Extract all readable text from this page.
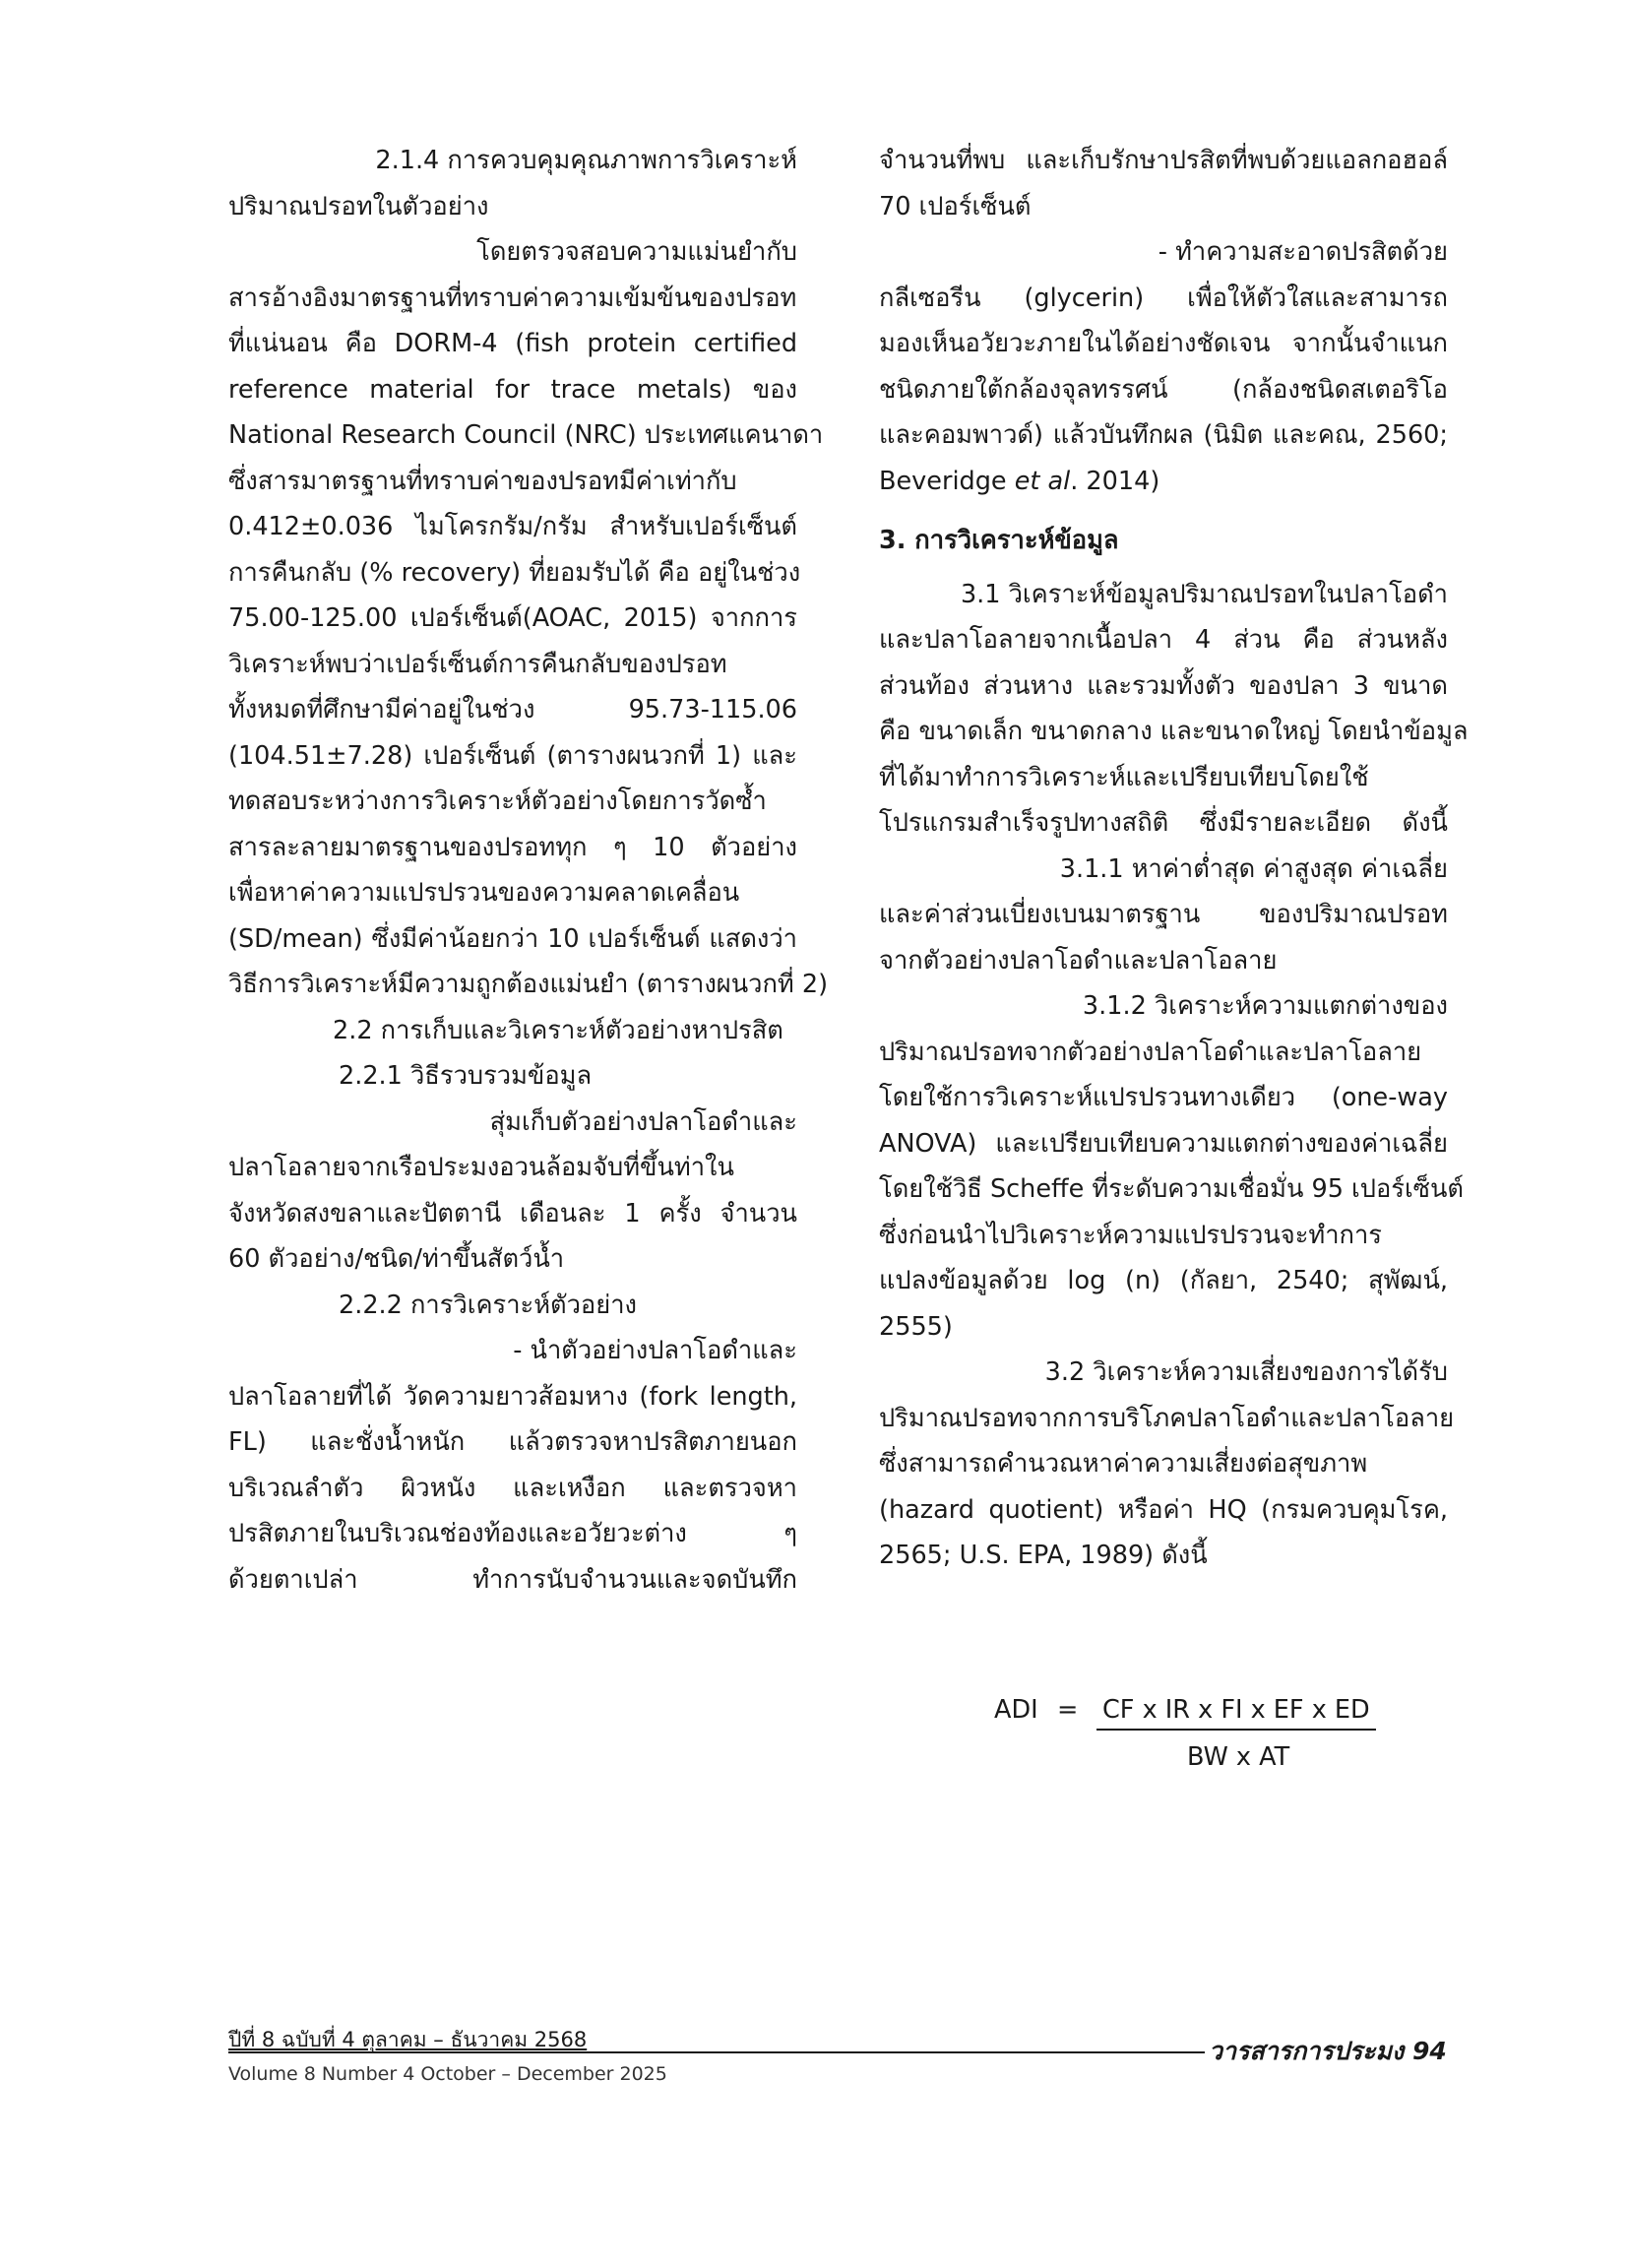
2.1.4 การควบคุมคุณภาพการวิเคราะห์
ปริมาณปรอทในตัวอย่าง
โดยตรวจสอบความแม่นยำกับ
สารอ้างอิงมาตรฐานที่ทราบค่าความเข้มข้นของปรอท
ที่แน่นอน คือ DORM-4 (fish protein certified
reference material for trace metals) ของ
National Research Council (NRC) ประเทศแคนาดา
ซึ่งสารมาตรฐานที่ทราบค่าของปรอทมีค่าเท่ากับ
0.412±0.036 ไมโครกรัม/กรัม สำหรับเปอร์เซ็นต์
การคืนกลับ (% recovery) ที่ยอมรับได้ คือ อยู่ในช่วง
75.00-125.00 เปอร์เซ็นต์(AOAC, 2015) จากการ
วิเคราะห์พบว่าเปอร์เซ็นต์การคืนกลับของปรอท
ทั้งหมดที่ศึกษามีค่าอยู่ในช่วง 95.73-115.06
(104.51±7.28) เปอร์เซ็นต์ (ตารางผนวกที่ 1) และ
ทดสอบระหว่างการวิเคราะห์ตัวอย่างโดยการวัดซ้ำ
สารละลายมาตรฐานของปรอททุก ๆ 10 ตัวอย่าง
เพื่อหาค่าความแปรปรวนของความคลาดเคลื่อน
(SD/mean) ซึ่งมีค่าน้อยกว่า 10 เปอร์เซ็นต์ แสดงว่า
วิธีการวิเคราะห์มีความถูกต้องแม่นยำ (ตารางผนวกที่ 2)
2.2 การเก็บและวิเคราะห์ตัวอย่างหาปรสิต
2.2.1 วิธีรวบรวมข้อมูล
สุ่มเก็บตัวอย่างปลาโอดำและ
ปลาโอลายจากเรือประมงอวนล้อมจับที่ขึ้นท่าใน
จังหวัดสงขลาและปัตตานี เดือนละ 1 ครั้ง จำนวน
60 ตัวอย่าง/ชนิด/ท่าขึ้นสัตว์น้ำ
2.2.2 การวิเคราะห์ตัวอย่าง
- นำตัวอย่างปลาโอดำและ
ปลาโอลายที่ได้ วัดความยาวส้อมหาง (fork length,
FL) และชั่งน้ำหนัก แล้วตรวจหาปรสิตภายนอก
บริเวณลำตัว ผิวหนัง และเหงือก และตรวจหา
ปรสิตภายในบริเวณช่องท้องและอวัยวะต่าง ๆ
ด้วยตาเปล่า ทำการนับจำนวนและจดบันทึก
จำนวนที่พบ และเก็บรักษาปรสิตที่พบด้วยแอลกอฮอล์
70 เปอร์เซ็นต์
- ทำความสะอาดปรสิตด้วย
กลีเซอรีน (glycerin) เพื่อให้ตัวใสและสามารถ
มองเห็นอวัยวะภายในได้อย่างชัดเจน จากนั้นจำแนก
ชนิดภายใต้กล้องจุลทรรศน์ (กล้องชนิดสเตอริโอ
และคอมพาวด์) แล้วบันทึกผล (นิมิต และคณ, 2560;
Beveridge et al. 2014)
3. การวิเคราะห์ข้อมูล
3.1 วิเคราะห์ข้อมูลปริมาณปรอทในปลาโอดำ
และปลาโอลายจากเนื้อปลา 4 ส่วน คือ ส่วนหลัง
ส่วนท้อง ส่วนหาง และรวมทั้งตัว ของปลา 3 ขนาด
คือ ขนาดเล็ก ขนาดกลาง และขนาดใหญ่ โดยนำข้อมูล
ที่ได้มาทำการวิเคราะห์และเปรียบเทียบโดยใช้
โปรแกรมสำเร็จรูปทางสถิติ ซึ่งมีรายละเอียด ดังนี้
3.1.1 หาค่าต่ำสุด ค่าสูงสุด ค่าเฉลี่ย
และค่าส่วนเบี่ยงเบนมาตรฐาน ของปริมาณปรอท
จากตัวอย่างปลาโอดำและปลาโอลาย
3.1.2 วิเคราะห์ความแตกต่างของ
ปริมาณปรอทจากตัวอย่างปลาโอดำและปลาโอลาย
โดยใช้การวิเคราะห์แปรปรวนทางเดียว (one-way
ANOVA) และเปรียบเทียบความแตกต่างของค่าเฉลี่ย
โดยใช้วิธี Scheffe ที่ระดับความเชื่อมั่น 95 เปอร์เซ็นต์
ซึ่งก่อนนำไปวิเคราะห์ความแปรปรวนจะทำการ
แปลงข้อมูลด้วย log (n) (กัลยา, 2540; สุพัฒน์,
2555)
3.2 วิเคราะห์ความเสี่ยงของการได้รับ
ปริมาณปรอทจากการบริโภคปลาโอดำและปลาโอลาย
ซึ่งสามารถคำนวณหาค่าความเสี่ยงต่อสุขภาพ
(hazard quotient) หรือค่า HQ (กรมควบคุมโรค,
2565; U.S. EPA, 1989) ดังนี้
ADI = CF x IR x FI x EF x ED
BW x AT
ปีที่ 8 ฉบับที่ 4 ตุลาคม – ธันวาคม 2568
Volume 8 Number 4 October – December 2025
วารสารการประมง 94
